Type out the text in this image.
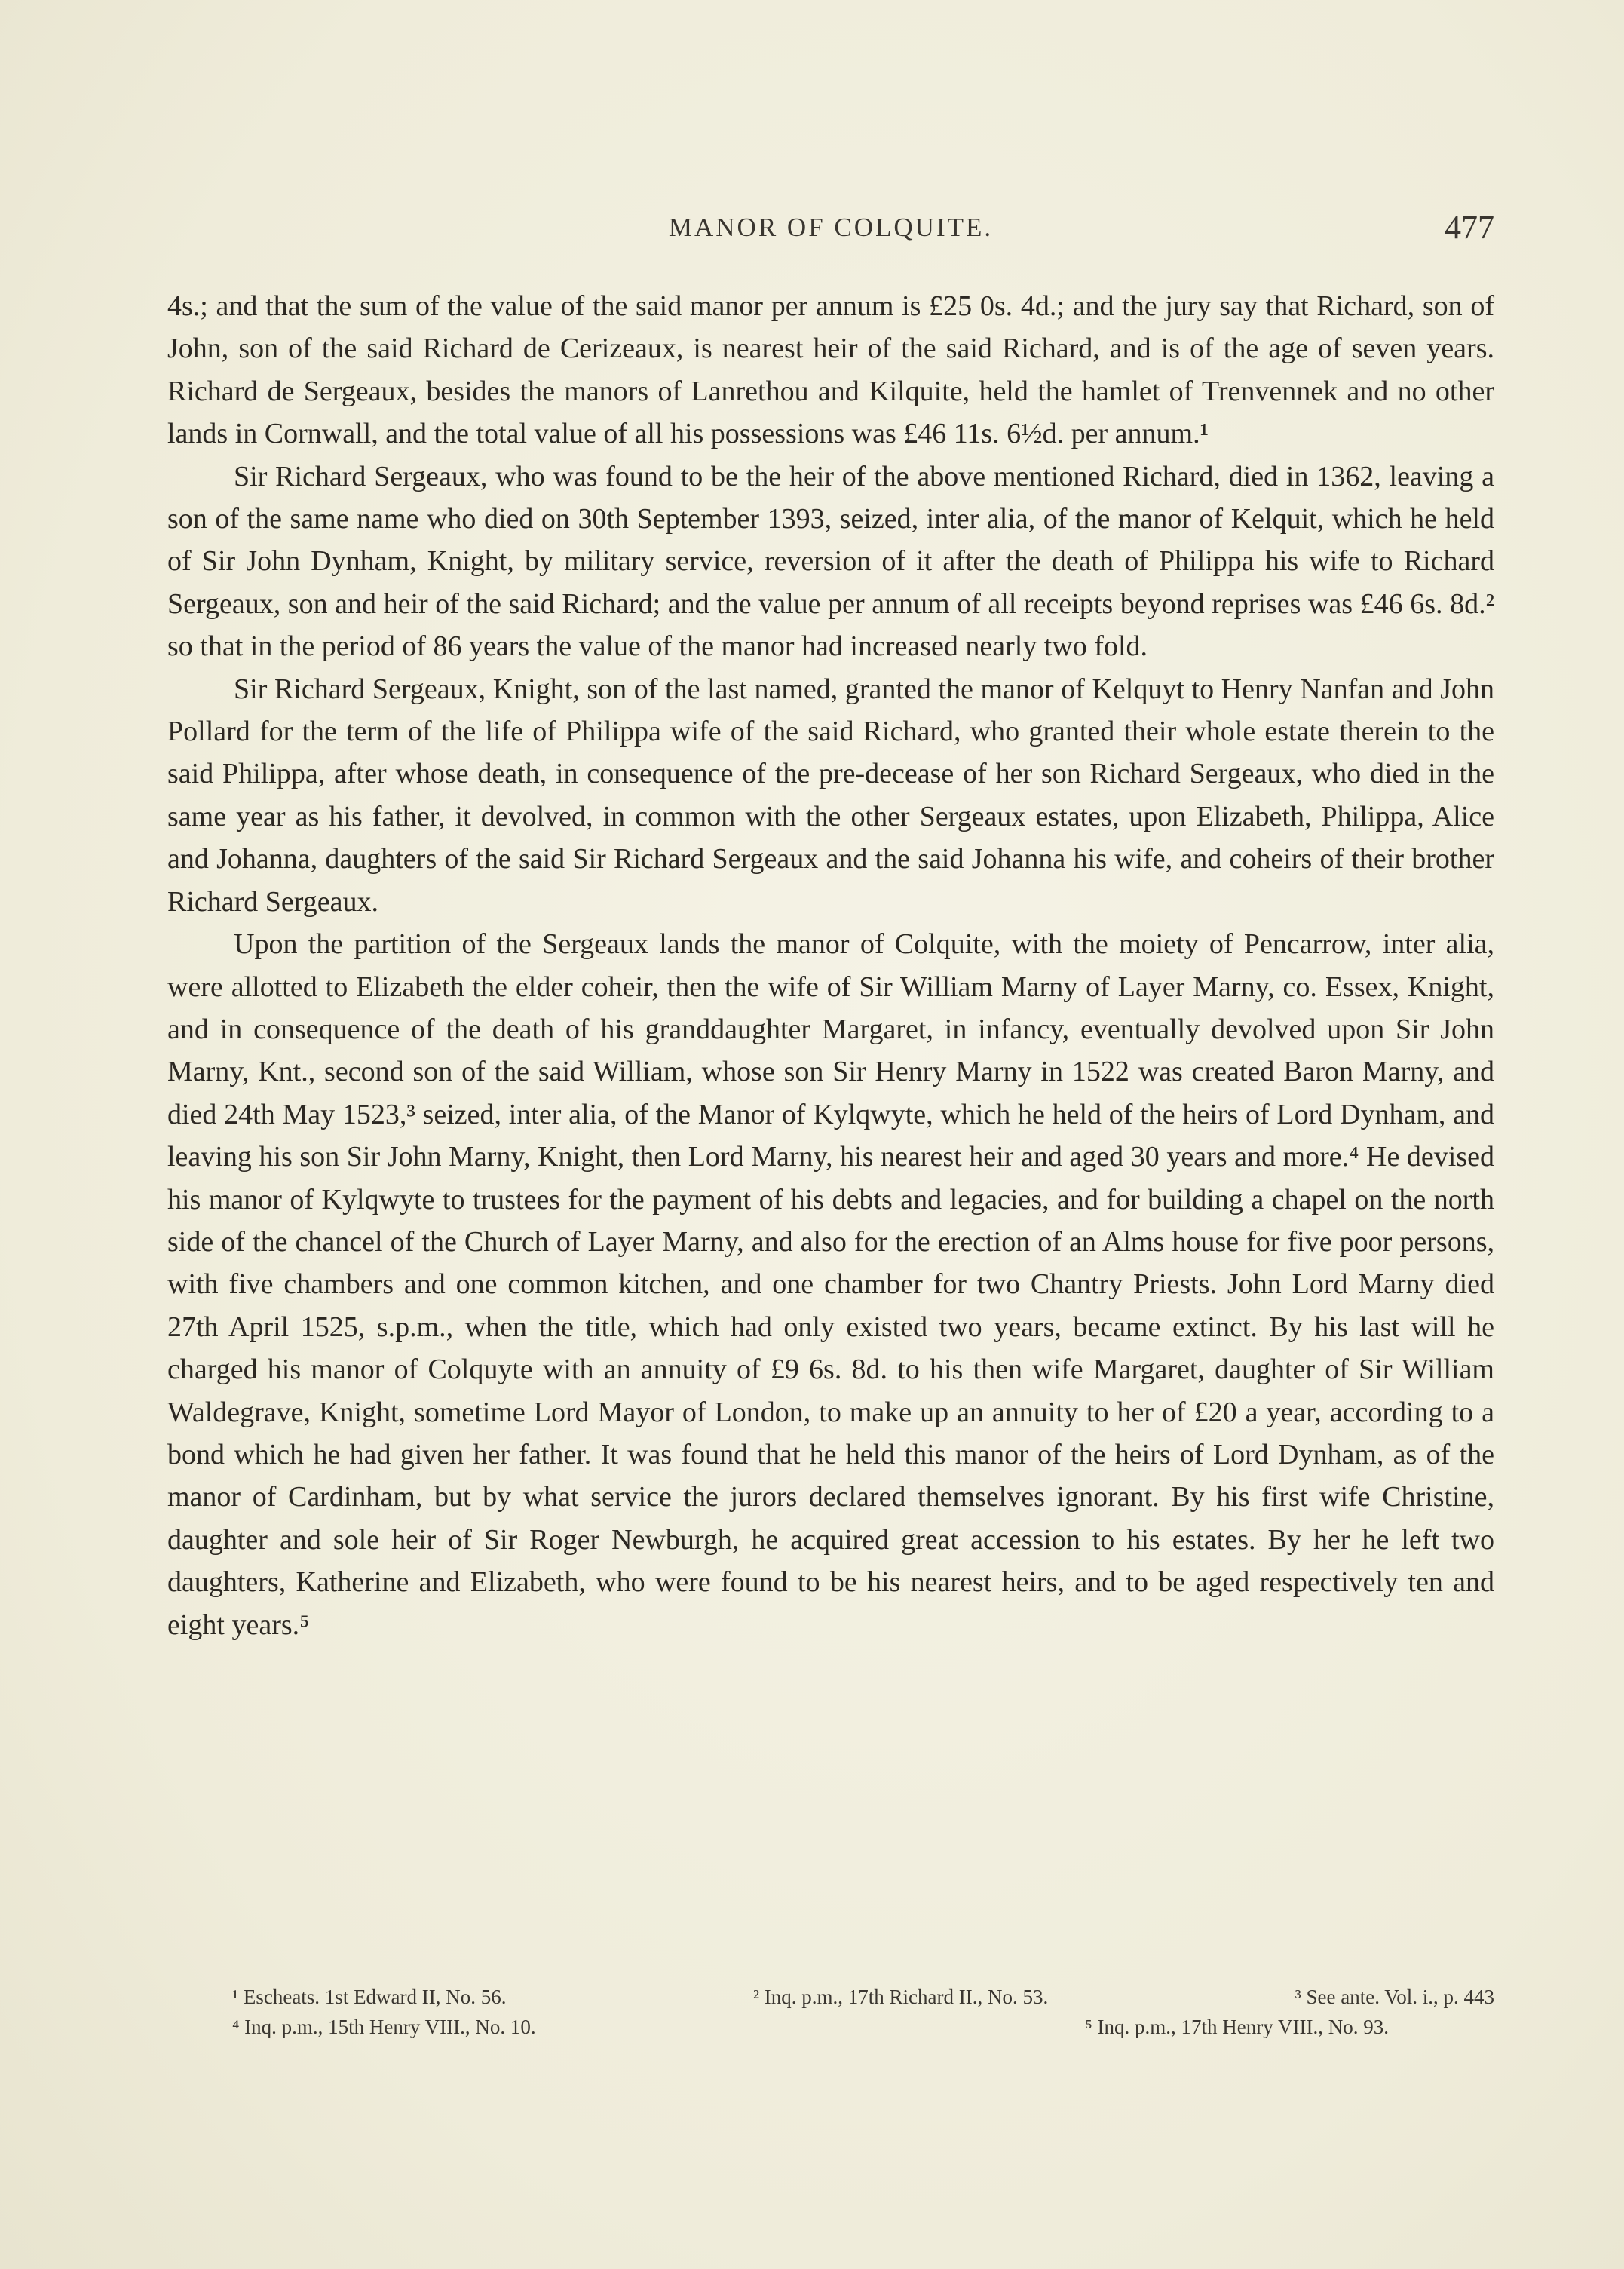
MANOR OF COLQUITE.	477

4s.; and that the sum of the value of the said manor per annum is £25 0s. 4d.; and the jury say that Richard, son of John, son of the said Richard de Cerizeaux, is nearest heir of the said Richard, and is of the age of seven years. Richard de Sergeaux, besides the manors of Lanrethou and Kilquite, held the hamlet of Trenvennek and no other lands in Cornwall, and the total value of all his possessions was £46 11s. 6½d. per annum.¹

Sir Richard Sergeaux, who was found to be the heir of the above mentioned Richard, died in 1362, leaving a son of the same name who died on 30th September 1393, seized, inter alia, of the manor of Kelquit, which he held of Sir John Dynham, Knight, by military service, reversion of it after the death of Philippa his wife to Richard Sergeaux, son and heir of the said Richard; and the value per annum of all receipts beyond reprises was £46 6s. 8d.² so that in the period of 86 years the value of the manor had increased nearly two fold.

Sir Richard Sergeaux, Knight, son of the last named, granted the manor of Kelquyt to Henry Nanfan and John Pollard for the term of the life of Philippa wife of the said Richard, who granted their whole estate therein to the said Philippa, after whose death, in consequence of the pre-decease of her son Richard Sergeaux, who died in the same year as his father, it devolved, in common with the other Sergeaux estates, upon Elizabeth, Philippa, Alice and Johanna, daughters of the said Sir Richard Sergeaux and the said Johanna his wife, and coheirs of their brother Richard Sergeaux.

Upon the partition of the Sergeaux lands the manor of Colquite, with the moiety of Pencarrow, inter alia, were allotted to Elizabeth the elder coheir, then the wife of Sir William Marny of Layer Marny, co. Essex, Knight, and in consequence of the death of his granddaughter Margaret, in infancy, eventually devolved upon Sir John Marny, Knt., second son of the said William, whose son Sir Henry Marny in 1522 was created Baron Marny, and died 24th May 1523,³ seized, inter alia, of the Manor of Kylqwyte, which he held of the heirs of Lord Dynham, and leaving his son Sir John Marny, Knight, then Lord Marny, his nearest heir and aged 30 years and more.⁴ He devised his manor of Kylqwyte to trustees for the payment of his debts and legacies, and for building a chapel on the north side of the chancel of the Church of Layer Marny, and also for the erection of an Alms house for five poor persons, with five chambers and one common kitchen, and one chamber for two Chantry Priests. John Lord Marny died 27th April 1525, s.p.m., when the title, which had only existed two years, became extinct. By his last will he charged his manor of Colquyte with an annuity of £9 6s. 8d. to his then wife Margaret, daughter of Sir William Waldegrave, Knight, sometime Lord Mayor of London, to make up an annuity to her of £20 a year, according to a bond which he had given her father. It was found that he held this manor of the heirs of Lord Dynham, as of the manor of Cardinham, but by what service the jurors declared themselves ignorant. By his first wife Christine, daughter and sole heir of Sir Roger Newburgh, he acquired great accession to his estates. By her he left two daughters, Katherine and Elizabeth, who were found to be his nearest heirs, and to be aged respectively ten and eight years.⁵

¹ Escheats. 1st Edward II, No. 56.	² Inq. p.m., 17th Richard II., No. 53.	³ See ante. Vol. i., p. 443
⁴ Inq. p.m., 15th Henry VIII., No. 10.	⁵ Inq. p.m., 17th Henry VIII., No. 93.
